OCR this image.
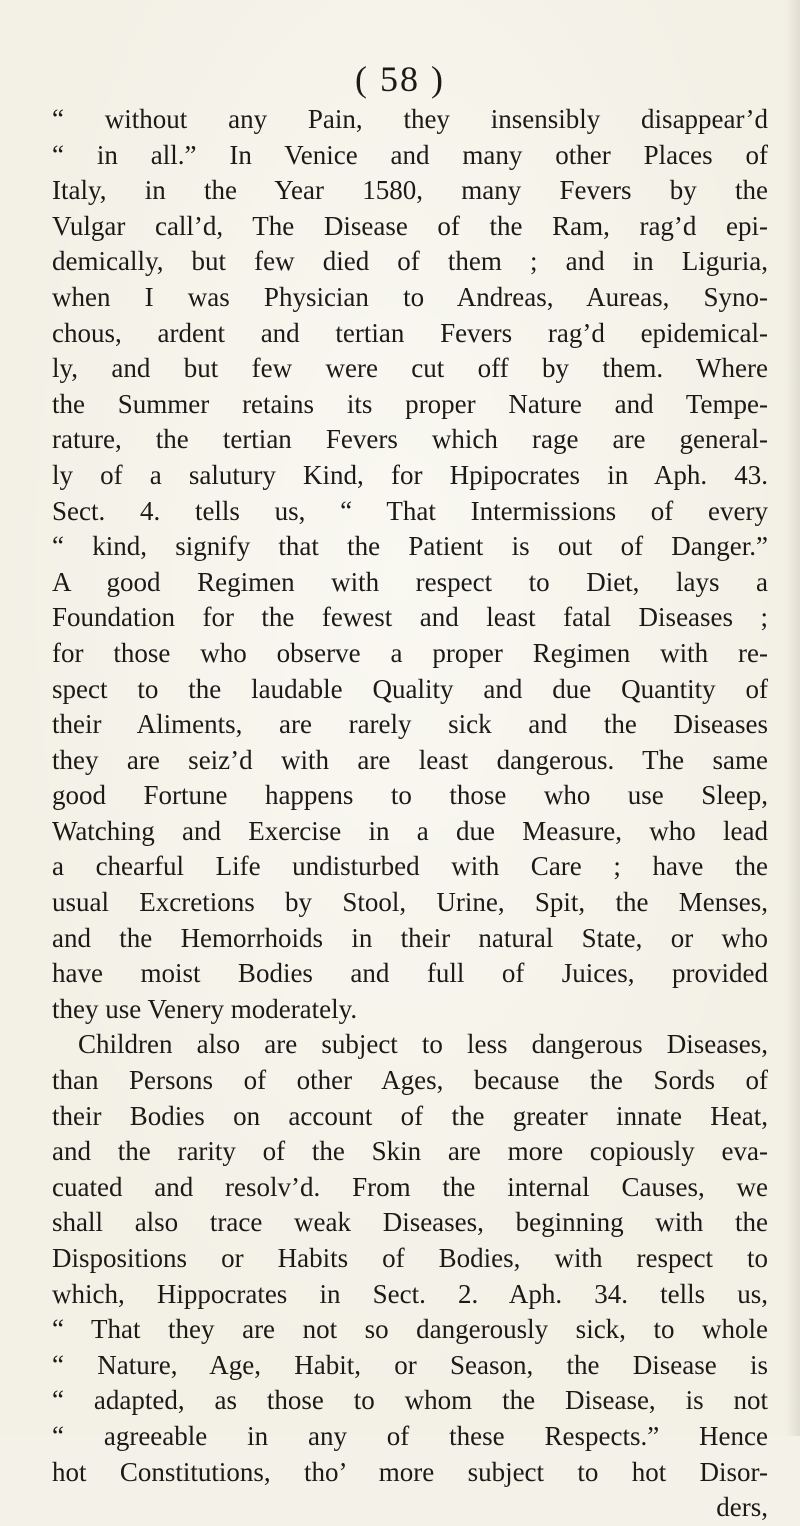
( 58 )
“ without any Pain, they insensibly disappear’d
“ in all.” In Venice and many other Places of
Italy, in the Year 1580, many Fevers by the
Vulgar call’d, The Disease of the Ram, rag’d epi-
demically, but few died of them ; and in Liguria,
when I was Physician to Andreas, Aureas, Syno-
chous, ardent and tertian Fevers rag’d epidemical-
ly, and but few were cut off by them. Where
the Summer retains its proper Nature and Tempe-
rature, the tertian Fevers which rage are general-
ly of a salutury Kind, for Hpipocrates in Aph. 43.
Sect. 4. tells us, “ That Intermissions of every
“ kind, signify that the Patient is out of Danger.”
A good Regimen with respect to Diet, lays a
Foundation for the fewest and least fatal Diseases ;
for those who observe a proper Regimen with re-
spect to the laudable Quality and due Quantity of
their Aliments, are rarely sick and the Diseases
they are seiz’d with are least dangerous. The same
good Fortune happens to those who use Sleep,
Watching and Exercise in a due Measure, who lead
a chearful Life undisturbed with Care ; have the
usual Excretions by Stool, Urine, Spit, the Menses,
and the Hemorrhoids in their natural State, or who
have moist Bodies and full of Juices, provided
they use Venery moderately.
Children also are subject to less dangerous Diseases,
than Persons of other Ages, because the Sords of
their Bodies on account of the greater innate Heat,
and the rarity of the Skin are more copiously eva-
cuated and resolv’d. From the internal Causes, we
shall also trace weak Diseases, beginning with the
Dispositions or Habits of Bodies, with respect to
which, Hippocrates in Sect. 2. Aph. 34. tells us,
“ That they are not so dangerously sick, to whole
“ Nature, Age, Habit, or Season, the Disease is
“ adapted, as those to whom the Disease, is not
“ agreeable in any of these Respects.” Hence
hot Constitutions, tho’ more subject to hot Disor-
ders,
